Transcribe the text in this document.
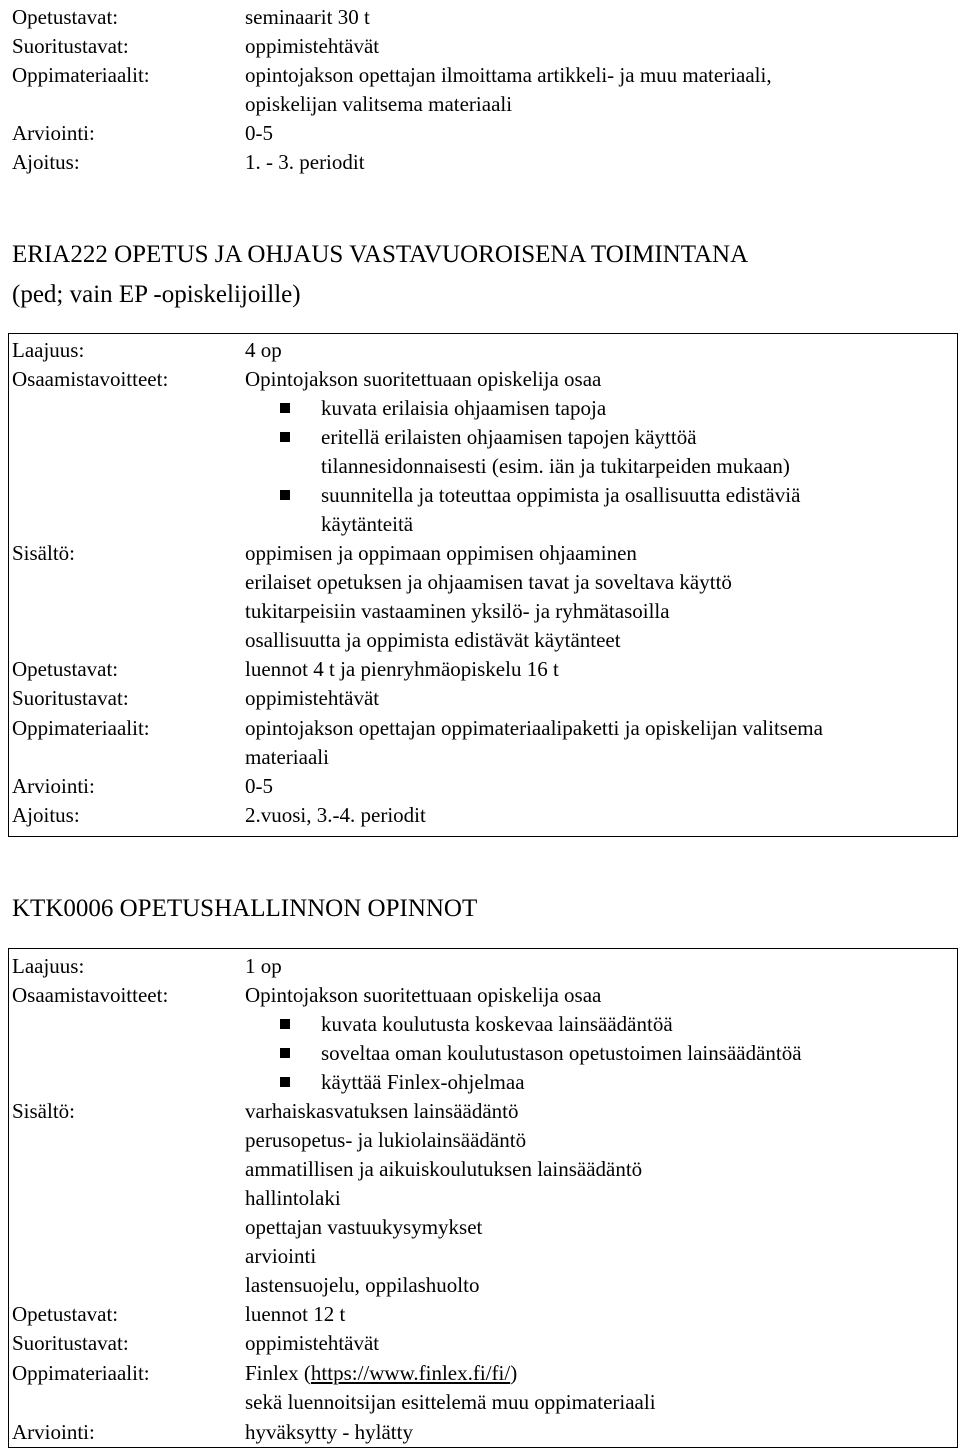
Opetustavat:	seminaarit 30 t
Suoritustavat:	oppimistehtävät
Oppimateriaalit:	opintojakson opettajan ilmoittama artikkeli- ja muu materiaali,
opiskelijan valitsema materiaali
Arviointi:	0-5
Ajoitus:	1. - 3. periodit
ERIA222 OPETUS JA OHJAUS VASTAVUOROISENA TOIMINTANA
(ped; vain EP -opiskelijoille)
Laajuus:	4 op
Osaamistavoitteet:	Opintojakson suoritettuaan opiskelija osaa
kuvata erilaisia ohjaamisen tapoja
eritellä erilaisten ohjaamisen tapojen käyttöä
tilannesidonnaisesti (esim. iän ja tukitarpeiden mukaan)
suunnitella ja toteuttaa oppimista ja osallisuutta edistäviä
käytänteitä
Sisältö:	oppimisen ja oppimaan oppimisen ohjaaminen
erilaiset opetuksen ja ohjaamisen tavat ja soveltava käyttö
tukitarpeisiin vastaaminen yksilö- ja ryhmätasoilla
osallisuutta ja oppimista edistävät käytänteet
Opetustavat:	luennot 4 t ja pienryhmäopiskelu 16 t
Suoritustavat:	oppimistehtävät
Oppimateriaalit:	opintojakson opettajan oppimateriaalipaketti ja opiskelijan valitsema
materiaali
Arviointi:	0-5
Ajoitus:	2.vuosi, 3.-4. periodit
KTK0006 OPETUSHALLINNON OPINNOT
Laajuus:	1 op
Osaamistavoitteet:	Opintojakson suoritettuaan opiskelija osaa
kuvata koulutusta koskevaa lainsäädäntöä
soveltaa oman koulutustason opetustoimen lainsäädäntöä
käyttää Finlex-ohjelmaa
Sisältö:	varhaiskasvatuksen lainsäädäntö
perusopetus- ja lukiolainsäädäntö
ammatillisen ja aikuiskoulutuksen lainsäädäntö
hallintolaki
opettajan vastuukysymykset
arviointi
lastensuojelu, oppilashuolto
Opetustavat:	luennot 12 t
Suoritustavat:	oppimistehtävät
Oppimateriaalit:	Finlex (https://www.finlex.fi/fi/)
sekä luennoitsijan esittelemä muu oppimateriaali
Arviointi:	hyväksytty - hylätty
